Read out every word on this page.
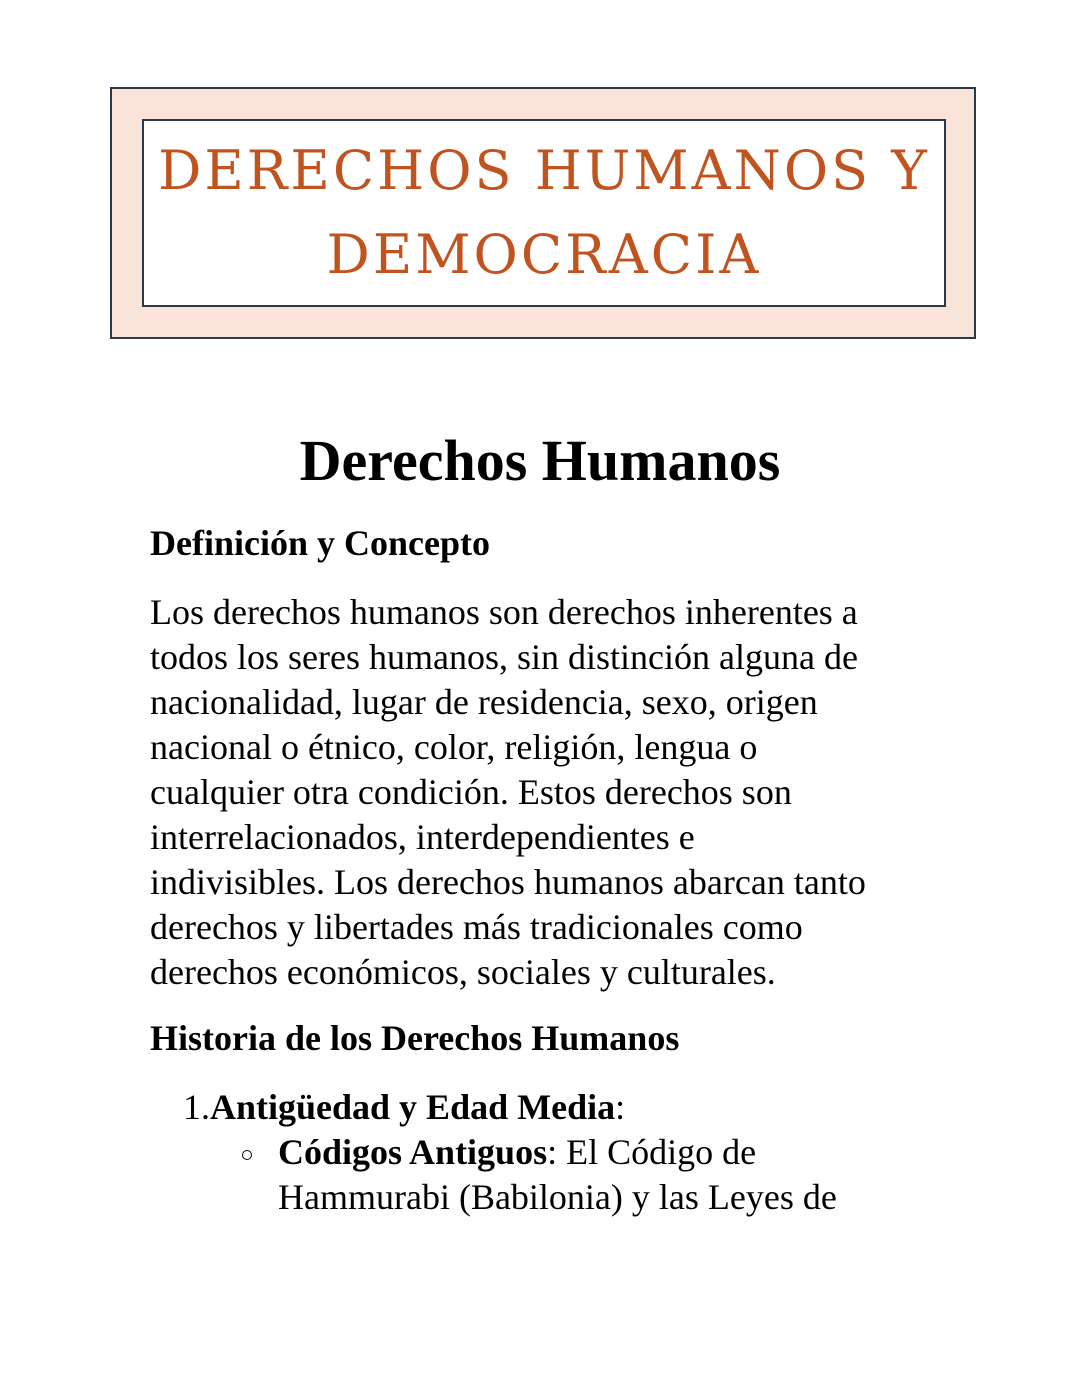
DERECHOS HUMANOS Y
DEMOCRACIA
Derechos Humanos
Definición y Concepto
Los derechos humanos son derechos inherentes a
todos los seres humanos, sin distinción alguna de
nacionalidad, lugar de residencia, sexo, origen
nacional o étnico, color, religión, lengua o
cualquier otra condición. Estos derechos son
interrelacionados, interdependientes e
indivisibles. Los derechos humanos abarcan tanto
derechos y libertades más tradicionales como
derechos económicos, sociales y culturales.
Historia de los Derechos Humanos
1.Antigüedad y Edad Media:
Códigos Antiguos: El Código de
Hammurabi (Babilonia) y las Leyes de
